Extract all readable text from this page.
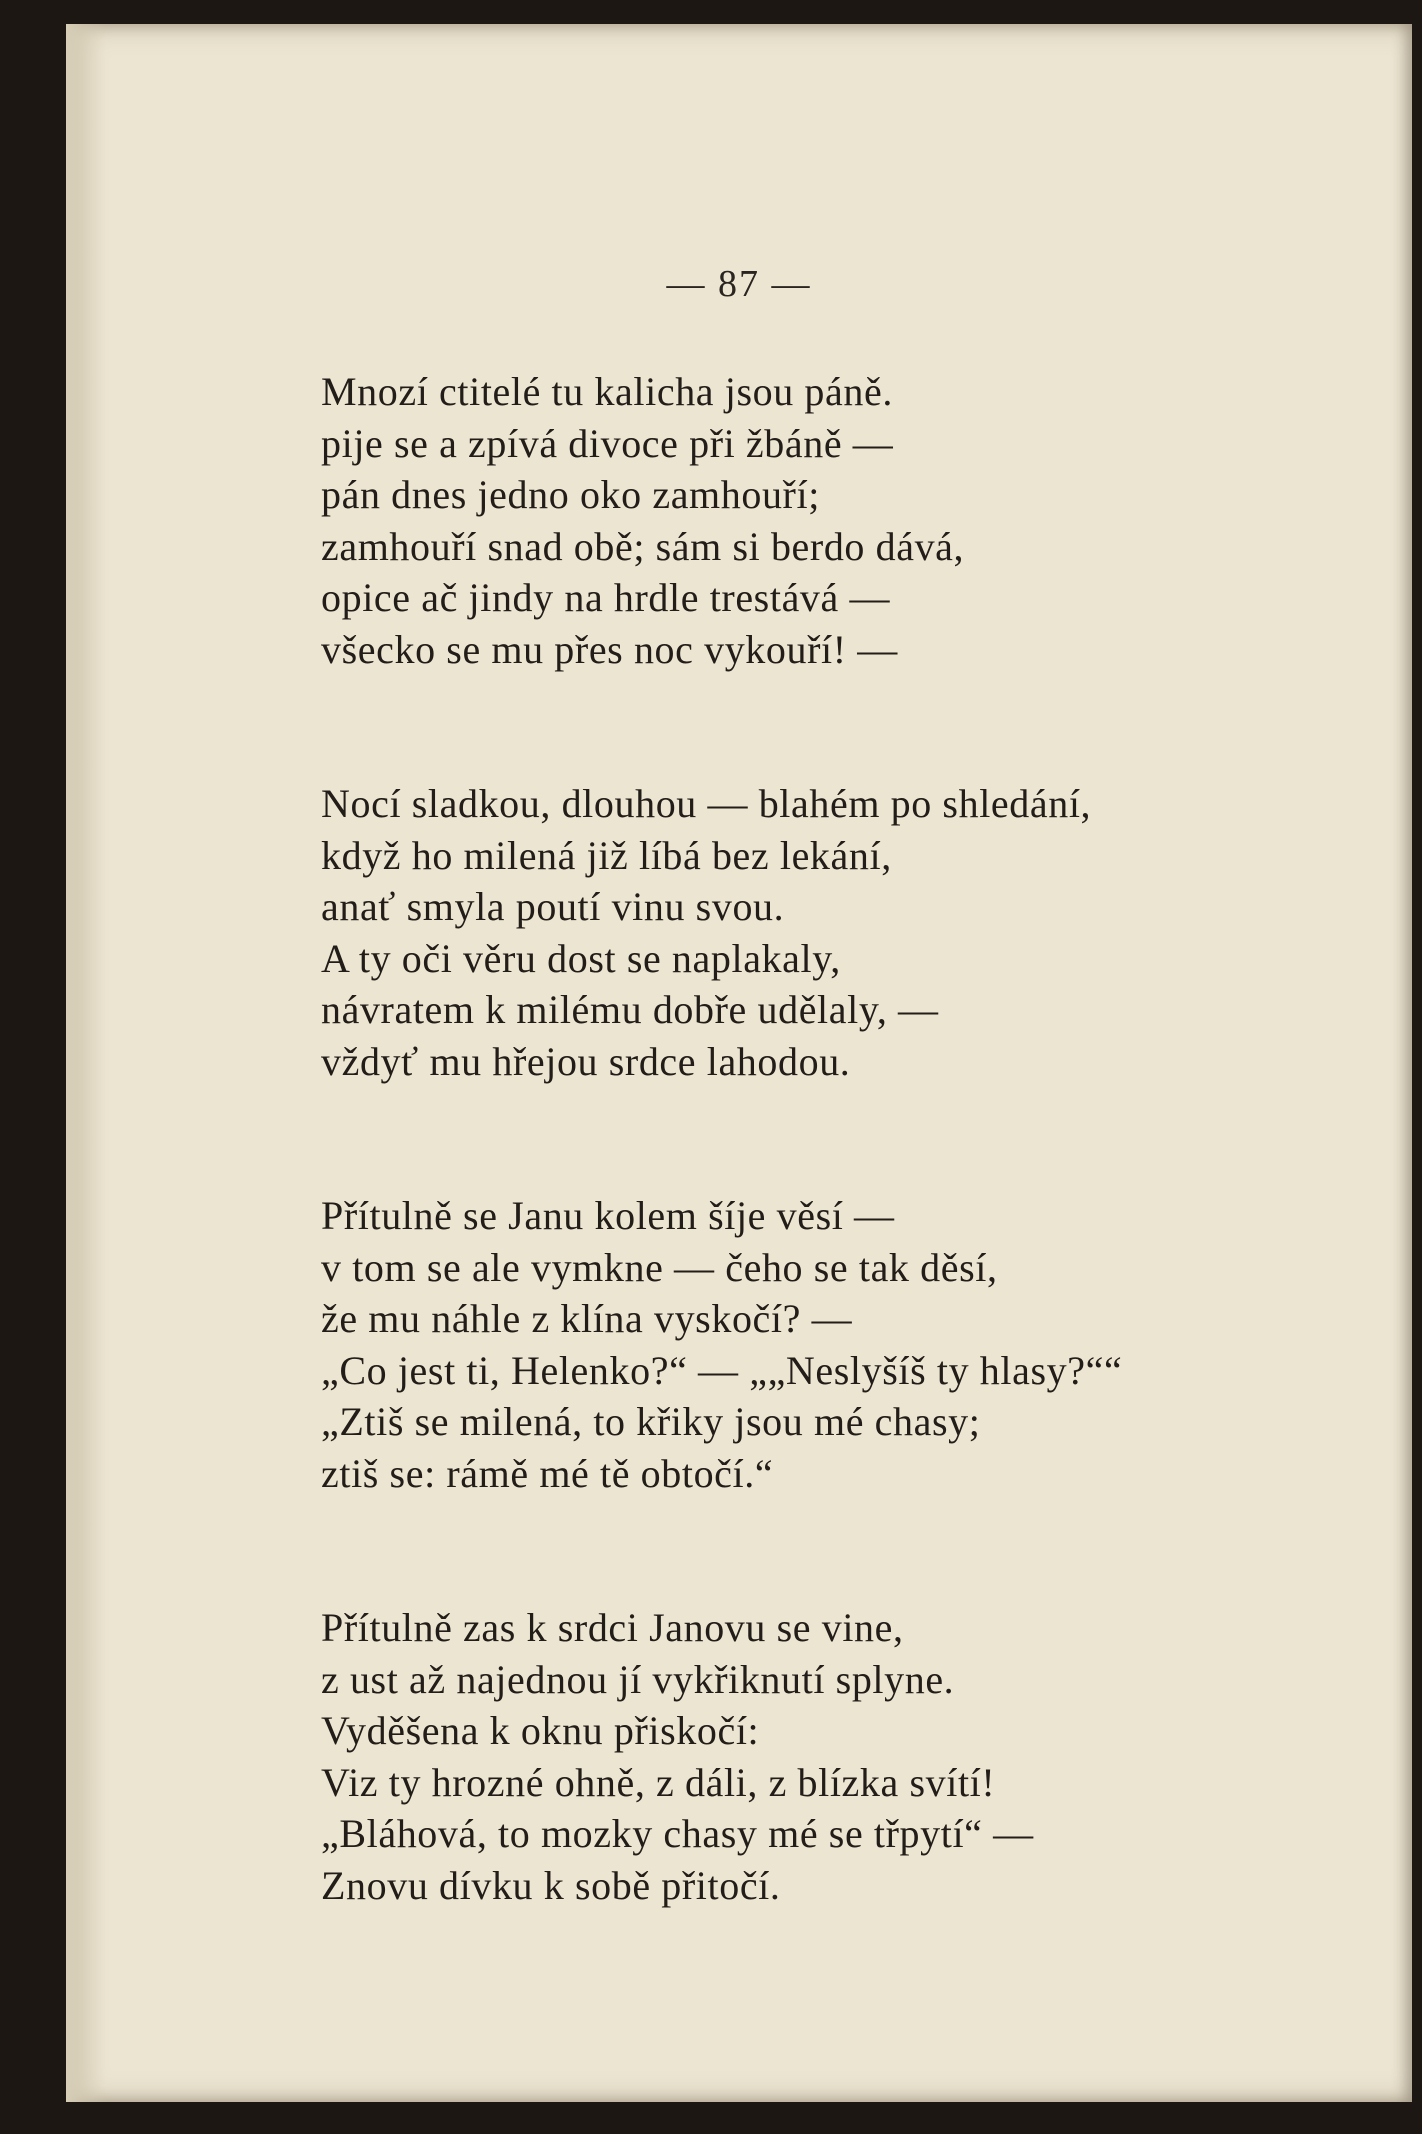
— 87 —
Mnozí ctitelé tu kalicha jsou páně.
pije se a zpívá divoce při žbáně —
pán dnes jedno oko zamhouří;
zamhouří snad obě; sám si berdo dává,
opice ač jindy na hrdle trestává —
všecko se mu přes noc vykouří! —
Nocí sladkou, dlouhou — blahém po shledání,
když ho milená již líbá bez lekání,
anať smyla poutí vinu svou.
A ty oči věru dost se naplakaly,
návratem k milému dobře udělaly, —
vždyť mu hřejou srdce lahodou.
Přítulně se Janu kolem šíje věsí —
v tom se ale vymkne — čeho se tak děsí,
že mu náhle z klína vyskočí? —
„Co jest ti, Helenko?“ — „„Neslyšíš ty hlasy?““
„Ztiš se milená, to křiky jsou mé chasy;
ztiš se: rámě mé tě obtočí.“
Přítulně zas k srdci Janovu se vine,
z ust až najednou jí vykřiknutí splyne.
Vyděšena k oknu přiskočí:
Viz ty hrozné ohně, z dáli, z blízka svítí!
„Bláhová, to mozky chasy mé se třpytí“ —
Znovu dívku k sobě přitočí.
